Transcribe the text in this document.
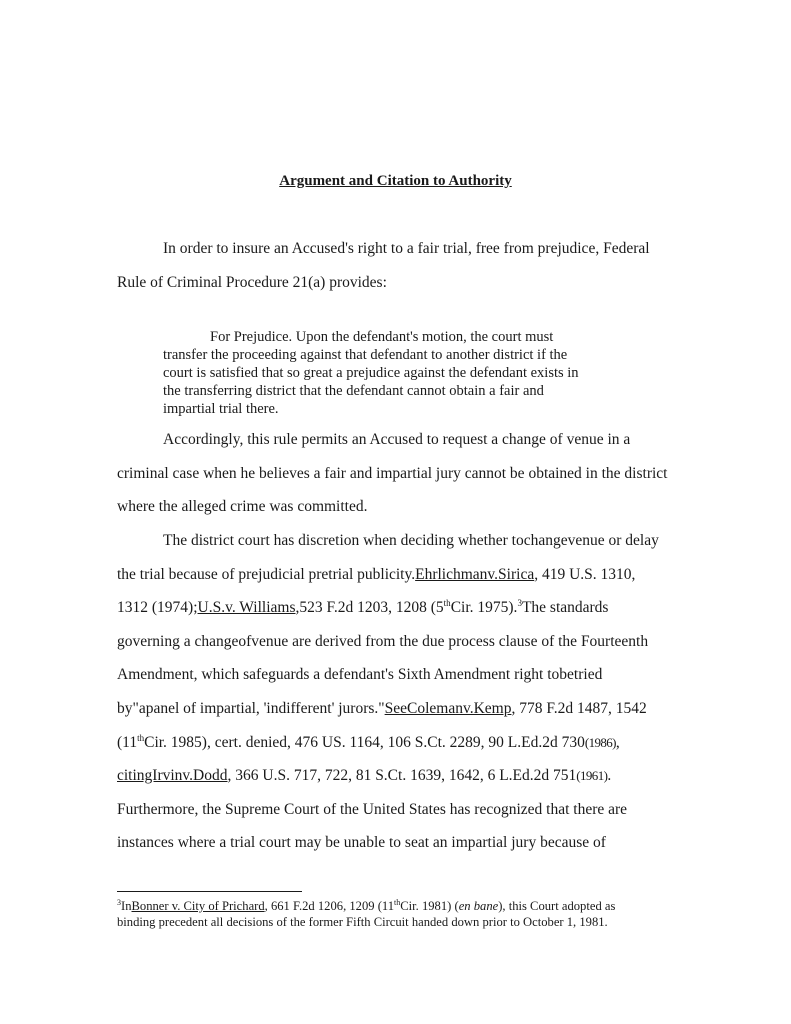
Argument and Citation to Authority
In order to insure an Accused's right to a fair trial, free from prejudice, Federal
Rule of Criminal Procedure 21(a) provides:
For Prejudice. Upon the defendant's motion, the court must
transfer the proceeding against that defendant to another district if the
court is satisfied that so great a prejudice against the defendant exists in
the transferring district that the defendant cannot obtain a fair and
impartial trial there.
Accordingly, this rule permits an Accused to request a change of venue in a
criminal case when he believes a fair and impartial jury cannot be obtained in the district
where the alleged crime was committed.
The district court has discretion when deciding whether tochangevenue or delay
the trial because of prejudicial pretrial publicity.Ehrlichmanv.Sirica, 419 U.S. 1310,
1312 (1974);U.S.v. Williams,523 F.2d 1203, 1208 (5thCir. 1975).$^3$The standards
governing a changeofvenue are derived from the due process clause of the Fourteenth
Amendment, which safeguards a defendant's Sixth Amendment right tobetried
by"apanel of impartial, 'indifferent' jurors."SeeColemanv.Kemp, 778 F.2d 1487, 1542
(11thCir. 1985), cert. denied, 476 US. 1164, 106 S.Ct. 2289, 90 L.Ed.2d 730(1986),
citingIrvinv.Dodd, 366 U.S. 717, 722, 81 S.Ct. 1639, 1642, 6 L.Ed.2d 751(1961).
Furthermore, the Supreme Court of the United States has recognized that there are
instances where a trial court may be unable to seat an impartial jury because of
$^3$InBonner v. City of Prichard, 661 F.2d 1206, 1209 (11thCir. 1981) (en bane), this Court adopted as
binding precedent all decisions of the former Fifth Circuit handed down prior to October 1, 1981.
